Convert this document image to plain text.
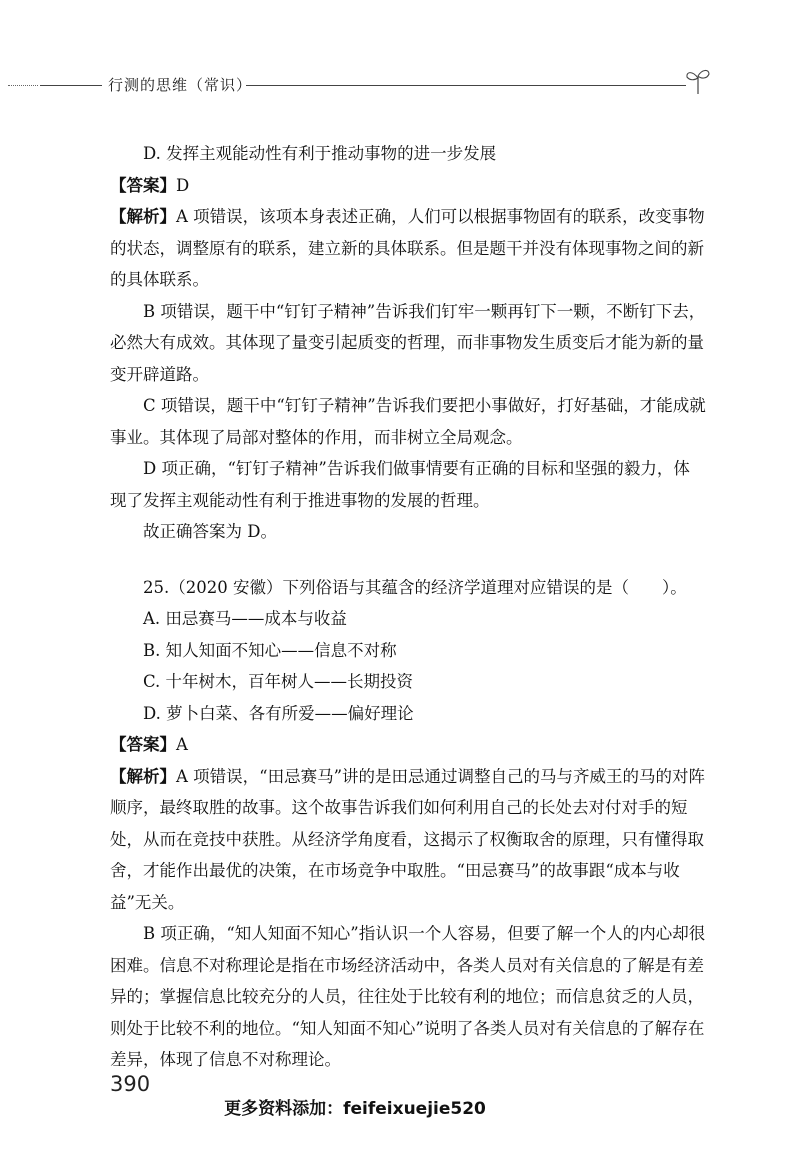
行测的思维（常识）

D. 发挥主观能动性有利于推动事物的进一步发展

【答案】D

【解析】A 项错误，该项本身表述正确，人们可以根据事物固有的联系，改变事物的状态，调整原有的联系，建立新的具体联系。但是题干并没有体现事物之间的新的具体联系。

B 项错误，题干中“钉钉子精神”告诉我们钉牢一颗再钉下一颗，不断钉下去，必然大有成效。其体现了量变引起质变的哲理，而非事物发生质变后才能为新的量变开辟道路。

C 项错误，题干中“钉钉子精神”告诉我们要把小事做好，打好基础，才能成就事业。其体现了局部对整体的作用，而非树立全局观念。

D 项正确，“钉钉子精神”告诉我们做事情要有正确的目标和坚强的毅力，体现了发挥主观能动性有利于推进事物的发展的哲理。

故正确答案为 D。

25.（2020 安徽）下列俗语与其蕴含的经济学道理对应错误的是（　　）。

A. 田忌赛马——成本与收益

B. 知人知面不知心——信息不对称

C. 十年树木，百年树人——长期投资

D. 萝卜白菜、各有所爱——偏好理论

【答案】A

【解析】A 项错误，“田忌赛马”讲的是田忌通过调整自己的马与齐威王的马的对阵顺序，最终取胜的故事。这个故事告诉我们如何利用自己的长处去对付对手的短处，从而在竞技中获胜。从经济学角度看，这揭示了权衡取舍的原理，只有懂得取舍，才能作出最优的决策，在市场竞争中取胜。“田忌赛马”的故事跟“成本与收益”无关。

B 项正确，“知人知面不知心”指认识一个人容易，但要了解一个人的内心却很困难。信息不对称理论是指在市场经济活动中，各类人员对有关信息的了解是有差异的；掌握信息比较充分的人员，往往处于比较有利的地位；而信息贫乏的人员，则处于比较不利的地位。“知人知面不知心”说明了各类人员对有关信息的了解存在差异，体现了信息不对称理论。

390
更多资料添加：feifeixuejie520
